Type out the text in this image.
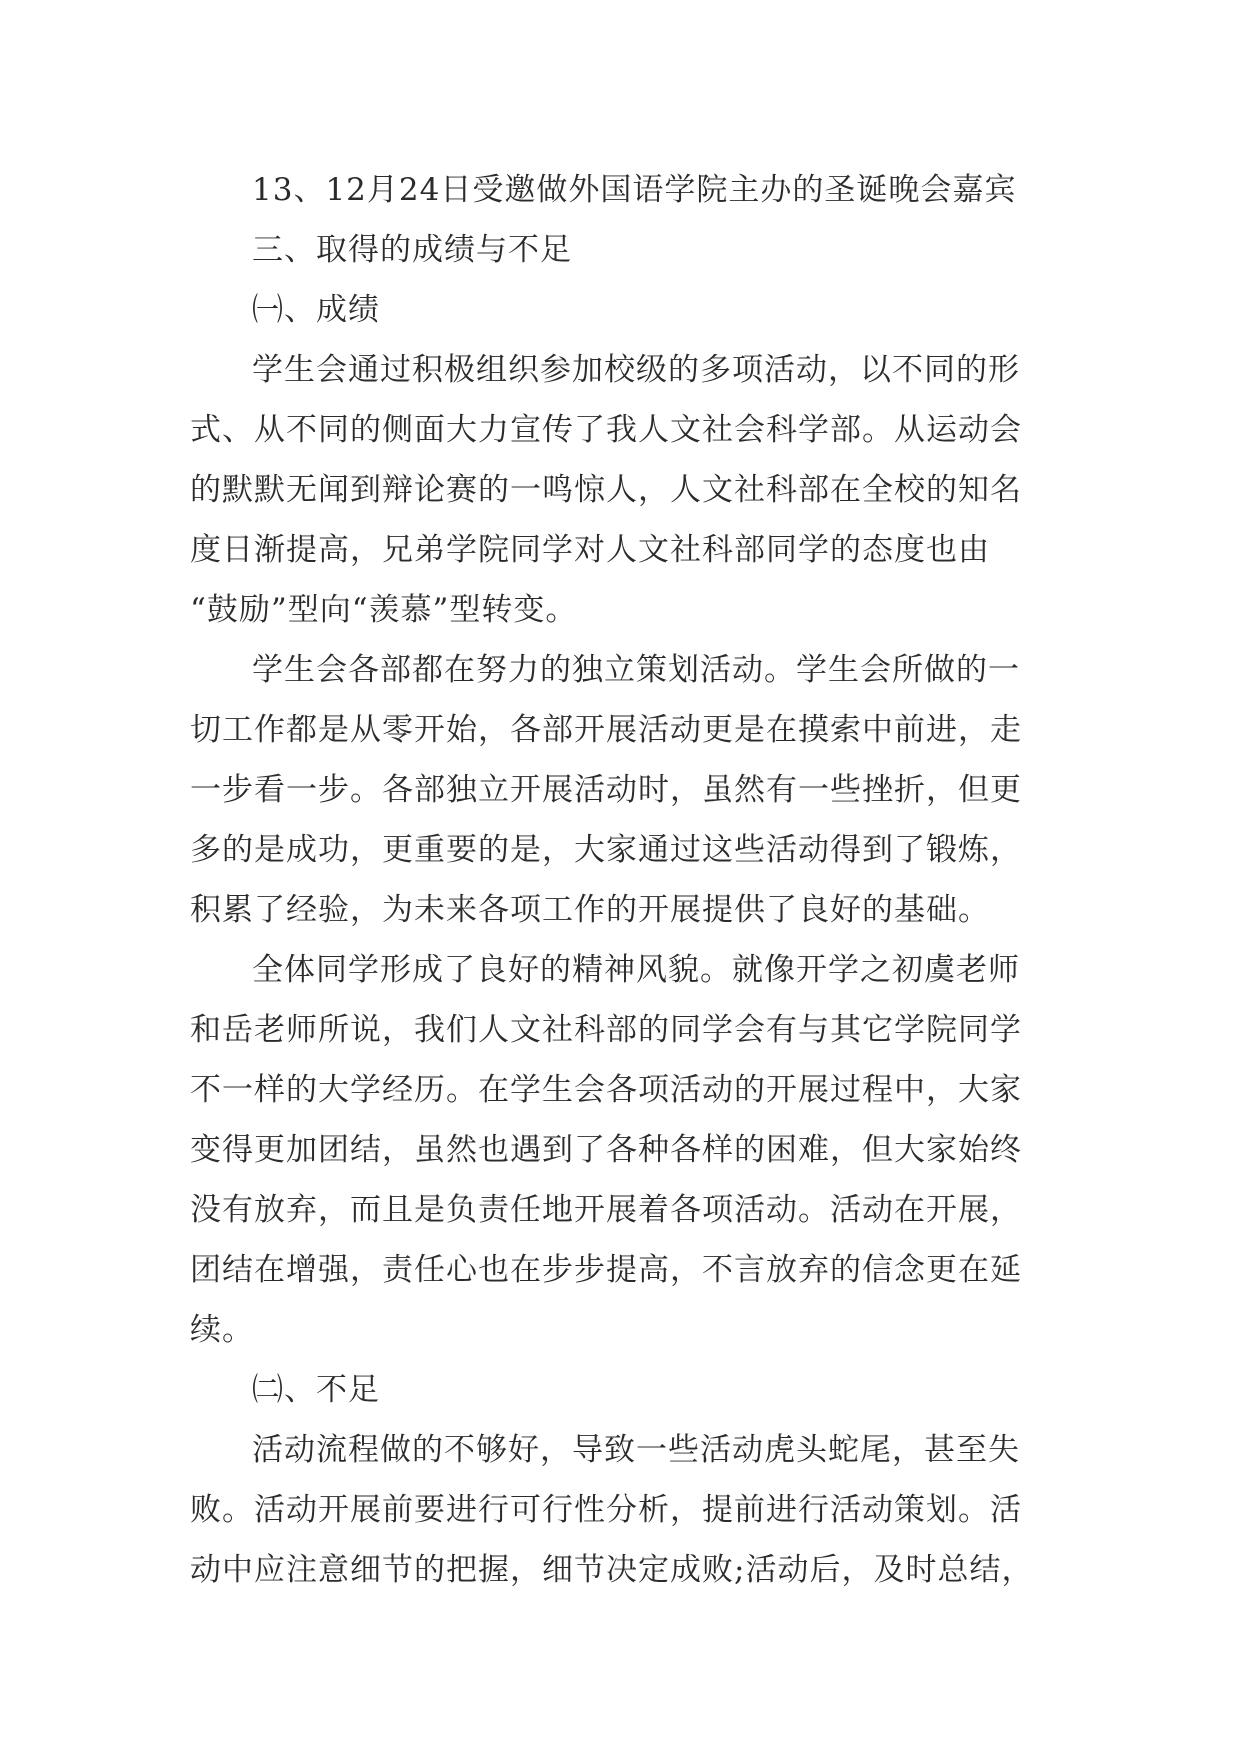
13、12月24日受邀做外国语学院主办的圣诞晚会嘉宾
三、取得的成绩与不足
㈠、成绩
学生会通过积极组织参加校级的多项活动，以不同的形
式、从不同的侧面大力宣传了我人文社会科学部。从运动会
的默默无闻到辩论赛的一鸣惊人，人文社科部在全校的知名
度日渐提高，兄弟学院同学对人文社科部同学的态度也由
“鼓励”型向“羡慕”型转变。
学生会各部都在努力的独立策划活动。学生会所做的一
切工作都是从零开始，各部开展活动更是在摸索中前进，走
一步看一步。各部独立开展活动时，虽然有一些挫折，但更
多的是成功，更重要的是，大家通过这些活动得到了锻炼，
积累了经验，为未来各项工作的开展提供了良好的基础。
全体同学形成了良好的精神风貌。就像开学之初虞老师
和岳老师所说，我们人文社科部的同学会有与其它学院同学
不一样的大学经历。在学生会各项活动的开展过程中，大家
变得更加团结，虽然也遇到了各种各样的困难，但大家始终
没有放弃，而且是负责任地开展着各项活动。活动在开展，
团结在增强，责任心也在步步提高，不言放弃的信念更在延
续。
㈡、不足
活动流程做的不够好，导致一些活动虎头蛇尾，甚至失
败。活动开展前要进行可行性分析，提前进行活动策划。活
动中应注意细节的把握，细节决定成败;活动后，及时总结，
